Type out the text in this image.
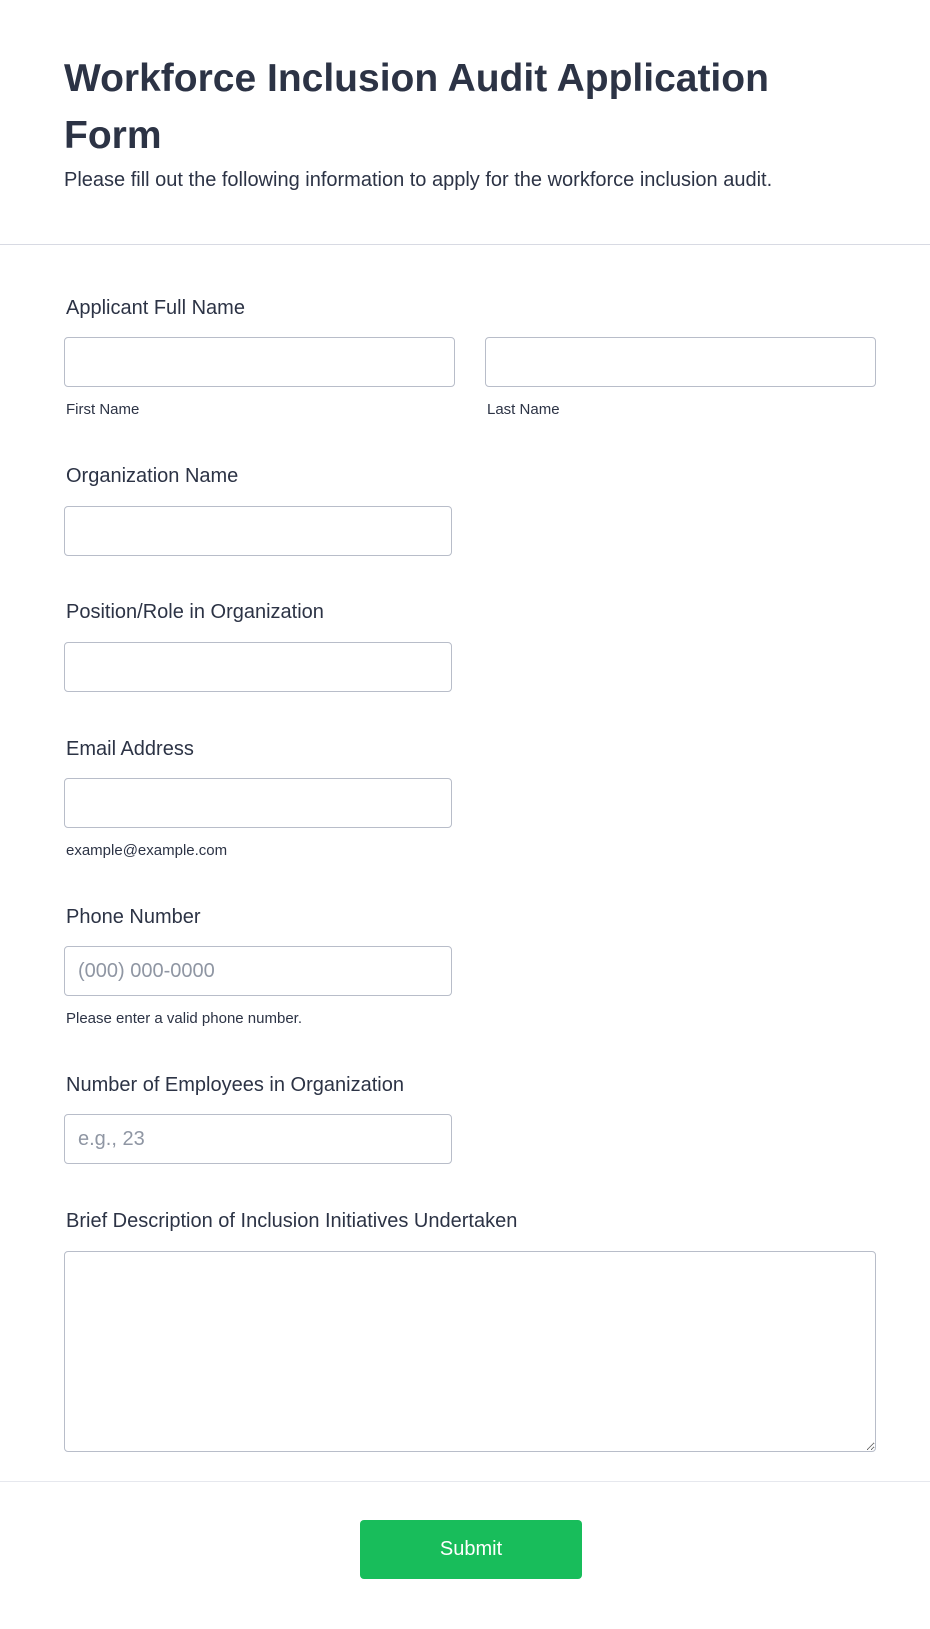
Workforce Inclusion Audit Application Form

Please fill out the following information to apply for the workforce inclusion audit.

Applicant Full Name
First Name	Last Name
Organization Name
Position/Role in Organization
Email Address
example@example.com
Phone Number
(000) 000-0000
Please enter a valid phone number.
Number of Employees in Organization
e.g., 23
Brief Description of Inclusion Initiatives Undertaken
Submit
